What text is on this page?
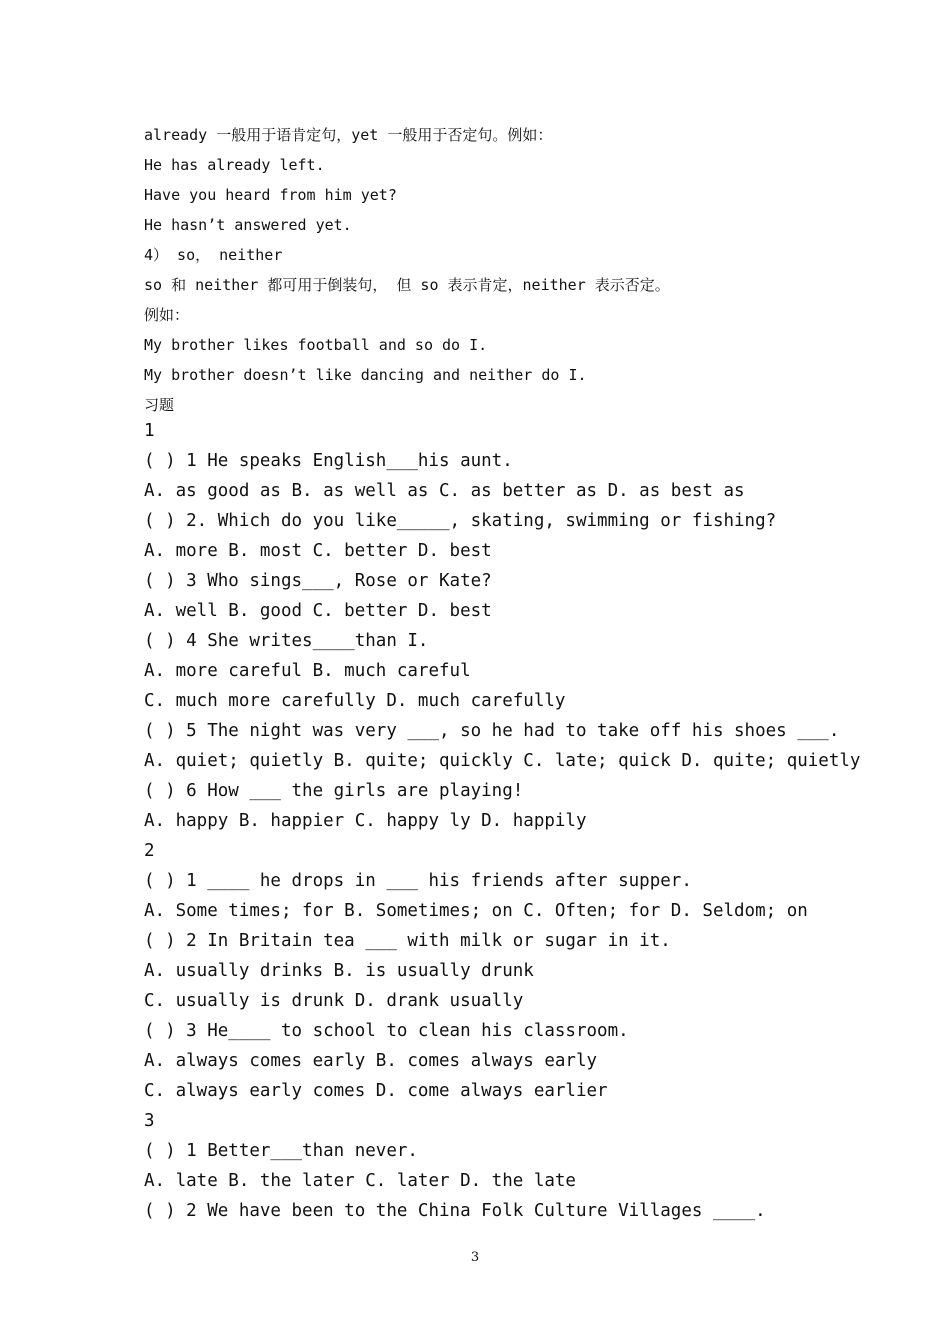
already 一般用于语肯定句，yet 一般用于否定句。例如：
He has already left.
Have you heard from him yet?
He hasn’t answered yet.
4） so， neither
so 和 neither 都可用于倒装句， 但 so 表示肯定，neither 表示否定。
例如：
My brother likes football and so do I.
My brother doesn’t like dancing and neither do I.
习题
1
( ) 1 He speaks English___his aunt.
A. as good as B. as well as C. as better as D. as best as
( ) 2. Which do you like_____, skating, swimming or fishing?
A. more B. most C. better D. best
( ) 3 Who sings___, Rose or Kate?
A. well B. good C. better D. best
( ) 4 She writes____than I.
A. more careful B. much careful
C. much more carefully D. much carefully
( ) 5 The night was very ___, so he had to take off his shoes ___.
A. quiet; quietly B. quite; quickly C. late; quick D. quite; quietly
( ) 6 How ___ the girls are playing!
A. happy B. happier C. happy ly D. happily
2
( ) 1 ____ he drops in ___ his friends after supper.
A. Some times; for B. Sometimes; on C. Often; for D. Seldom; on
( ) 2 In Britain tea ___ with milk or sugar in it.
A. usually drinks B. is usually drunk
C. usually is drunk D. drank usually
( ) 3 He____ to school to clean his classroom.
A. always comes early B. comes always early
C. always early comes D. come always earlier
3
( ) 1 Better___than never.
A. late B. the later C. later D. the late
( ) 2 We have been to the China Folk Culture Villages ____.
3
